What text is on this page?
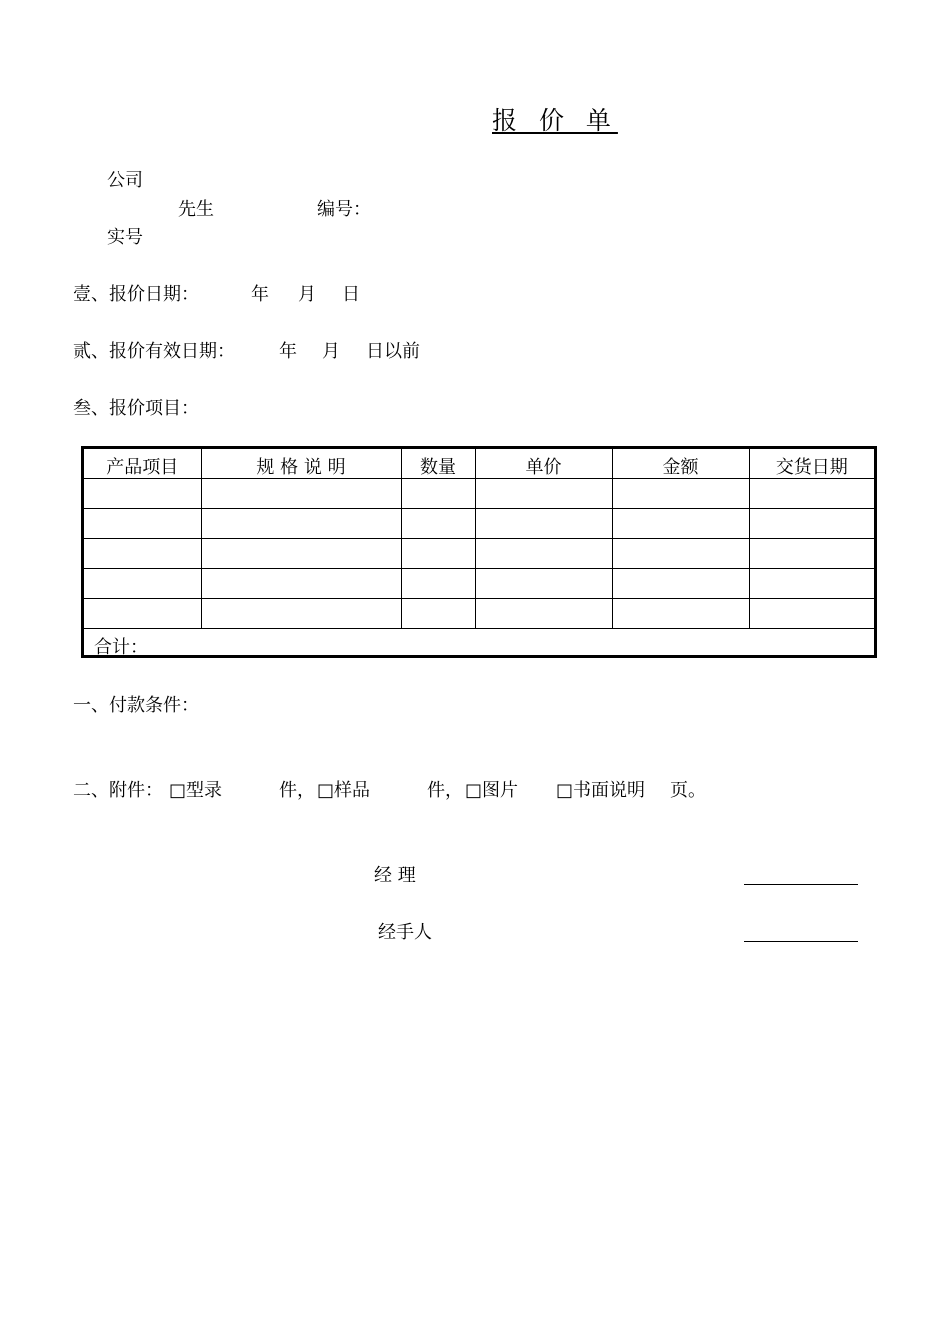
报 价 单
公司
先生	编号：
实号
壹、报价日期：	年 月 日
贰、报价有效日期： 年 月 日以前
叁、报价项目：
产品项目	规 格 说 明	数量	单价	金额	交货日期

合计：					
一、付款条件：
二、附件： □型录	件， □样品	件， □图片 □书面说明 页。
经 理
经手人
